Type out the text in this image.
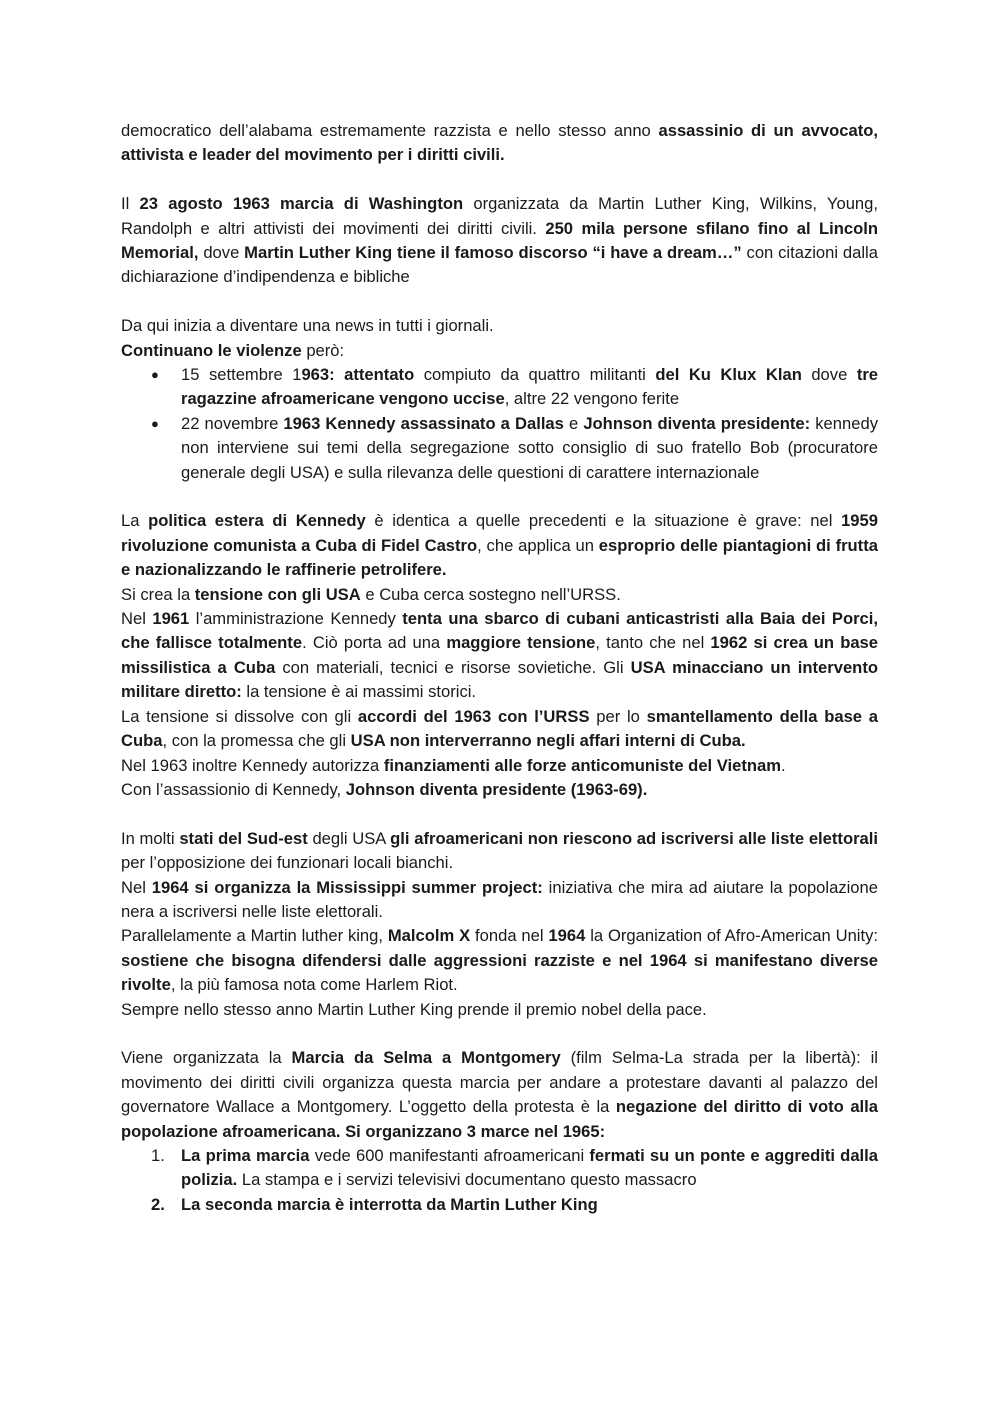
democratico dell’alabama estremamente razzista e nello stesso anno assassinio di un avvocato, attivista e leader del movimento per i diritti civili.

Il 23 agosto 1963 marcia di Washington organizzata da Martin Luther King, Wilkins, Young, Randolph e altri attivisti dei movimenti dei diritti civili. 250 mila persone sfilano fino al Lincoln Memorial, dove Martin Luther King tiene il famoso discorso “i have a dream…” con citazioni dalla dichiarazione d’indipendenza e bibliche

Da qui inizia a diventare una news in tutti i giornali.

Continuano le violenze però:

●	15 settembre 1963: attentato compiuto da quattro militanti del Ku Klux Klan dove tre ragazzine afroamericane vengono uccise, altre 22 vengono ferite
●	22 novembre 1963 Kennedy assassinato a Dallas e Johnson diventa presidente: kennedy non interviene sui temi della segregazione sotto consiglio di suo fratello Bob (procuratore generale degli USA) e sulla rilevanza delle questioni di carattere internazionale

La politica estera di Kennedy è identica a quelle precedenti e la situazione è grave: nel 1959 rivoluzione comunista a Cuba di Fidel Castro, che applica un esproprio delle piantagioni di frutta e nazionalizzando le raffinerie petrolifere.

Si crea la tensione con gli USA e Cuba cerca sostegno nell’URSS.

Nel 1961 l’amministrazione Kennedy tenta una sbarco di cubani anticastristi alla Baia dei Porci, che fallisce totalmente. Ciò porta ad una maggiore tensione, tanto che nel 1962 si crea un base missilistica a Cuba con materiali, tecnici e risorse sovietiche. Gli USA minacciano un intervento militare diretto: la tensione è ai massimi storici.

La tensione si dissolve con gli accordi del 1963 con l’URSS per lo smantellamento della base a Cuba, con la promessa che gli USA non interverranno negli affari interni di Cuba.

Nel 1963 inoltre Kennedy autorizza finanziamenti alle forze anticomuniste del Vietnam.

Con l’assassionio di Kennedy, Johnson diventa presidente (1963-69).

In molti stati del Sud-est degli USA gli afroamericani non riescono ad iscriversi alle liste elettorali per l’opposizione dei funzionari locali bianchi.

Nel 1964 si organizza la Mississippi summer project: iniziativa che mira ad aiutare la popolazione nera a iscriversi nelle liste elettorali.

Parallelamente a Martin luther king, Malcolm X fonda nel 1964 la Organization of Afro-American Unity: sostiene che bisogna difendersi dalle aggressioni razziste e nel 1964 si manifestano diverse rivolte, la più famosa nota come Harlem Riot.

Sempre nello stesso anno Martin Luther King prende il premio nobel della pace.

Viene organizzata la Marcia da Selma a Montgomery (film Selma-La strada per la libertà): il movimento dei diritti civili organizza questa marcia per andare a protestare davanti al palazzo del governatore Wallace a Montgomery. L’oggetto della protesta è la negazione del diritto di voto alla popolazione afroamericana. Si organizzano 3 marce nel 1965:

1. La prima marcia vede 600 manifestanti afroamericani fermati su un ponte e aggrediti dalla polizia. La stampa e i servizi televisivi documentano questo massacro
2. La seconda marcia è interrotta da Martin Luther King
